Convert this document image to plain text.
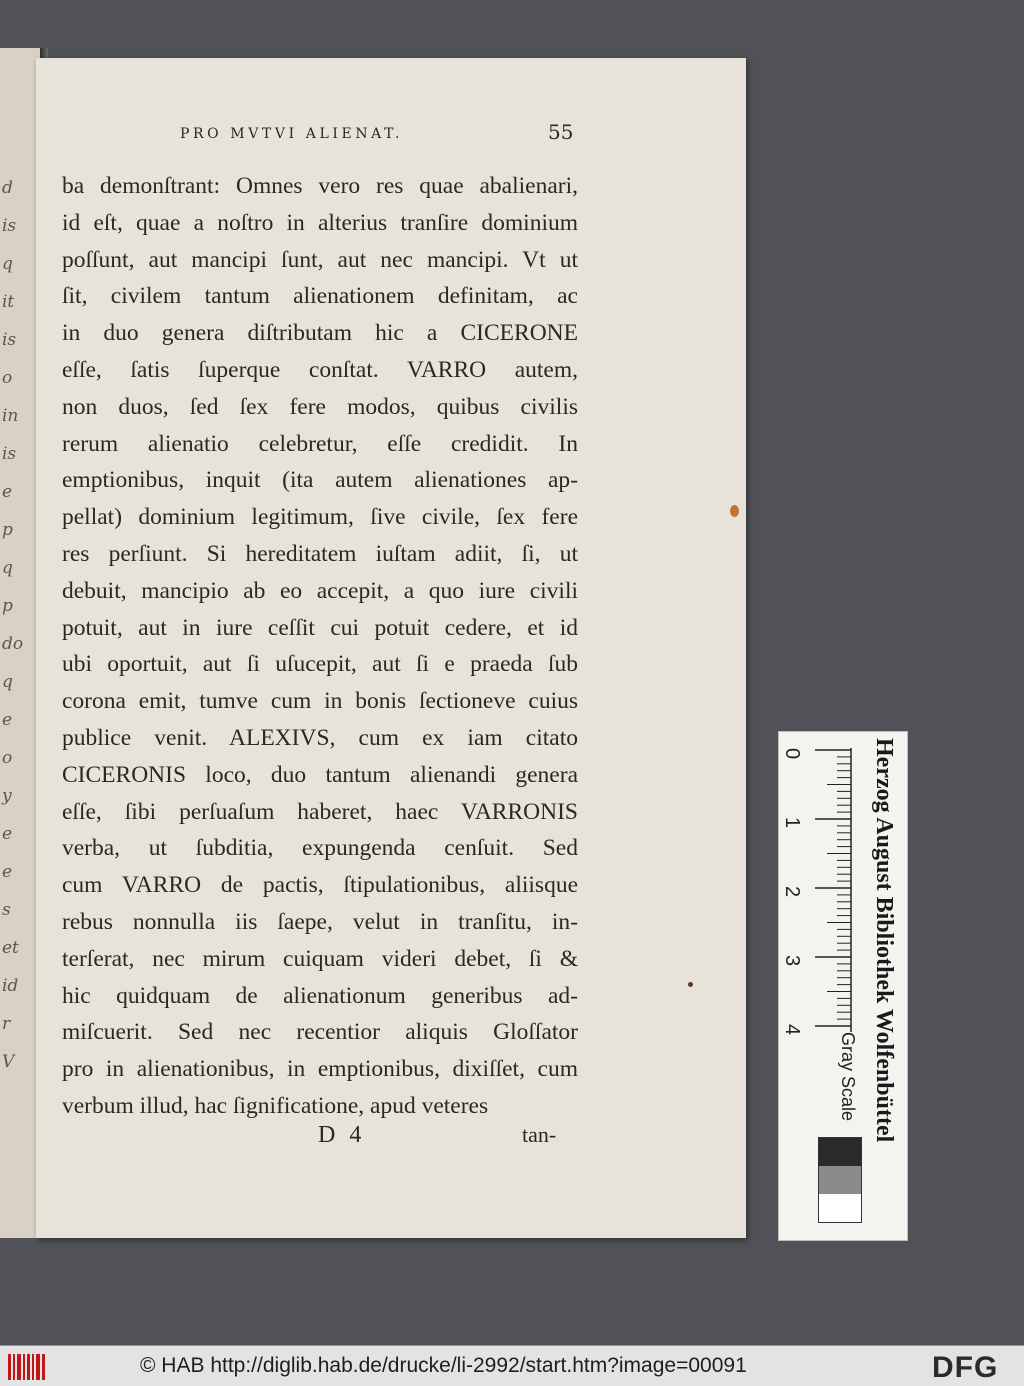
d
is
q
it
is
o
in
is
e
p
q
p
do
q
e
o
y
e
e
s
et
id
r
V
PRO MVTVI ALIENAT.	55
ba demonſtrant: Omnes vero res quae abalienari,
id eſt, quae a noſtro in alterius tranſire dominium
poſſunt, aut mancipi ſunt, aut nec mancipi. Vt ut
ſit, civilem tantum alienationem definitam, ac
in duo genera diſtributam hic a CICERONE
eſſe, ſatis ſuperque conſtat. VARRO autem,
non duos, ſed ſex fere modos, quibus civilis
rerum alienatio celebretur, eſſe credidit. In
emptionibus, inquit (ita autem alienationes ap-
pellat) dominium legitimum, ſive civile, ſex fere
res perſiunt. Si hereditatem iuſtam adiit, ſi, ut
debuit, mancipio ab eo accepit, a quo iure civili
potuit, aut in iure ceſſit cui potuit cedere, et id
ubi oportuit, aut ſi uſucepit, aut ſi e praeda ſub
corona emit, tumve cum in bonis ſectioneve cuius
publice venit. ALEXIVS, cum ex iam citato
CICERONIS loco, duo tantum alienandi genera
eſſe, ſibi perſuaſum haberet, haec VARRONIS
verba, ut ſubditia, expungenda cenſuit. Sed
cum VARRO de pactis, ſtipulationibus, aliisque
rebus nonnulla iis ſaepe, velut in tranſitu, in-
terſerat, nec mirum cuiquam videri debet, ſi &
hic quidquam de alienationum generibus ad-
miſcuerit. Sed nec recentior aliquis Gloſſator
pro in alienationibus, in emptionibus, dixiſſet, cum
verbum illud, hac ſignificatione, apud veteres
D 4	tan-	Herzog August Bibliothek Wolfenbüttel
0
1
2
3
4
Gray Scale
© HAB http://diglib.hab.de/drucke/li-2992/start.htm?image=00091	DFG
